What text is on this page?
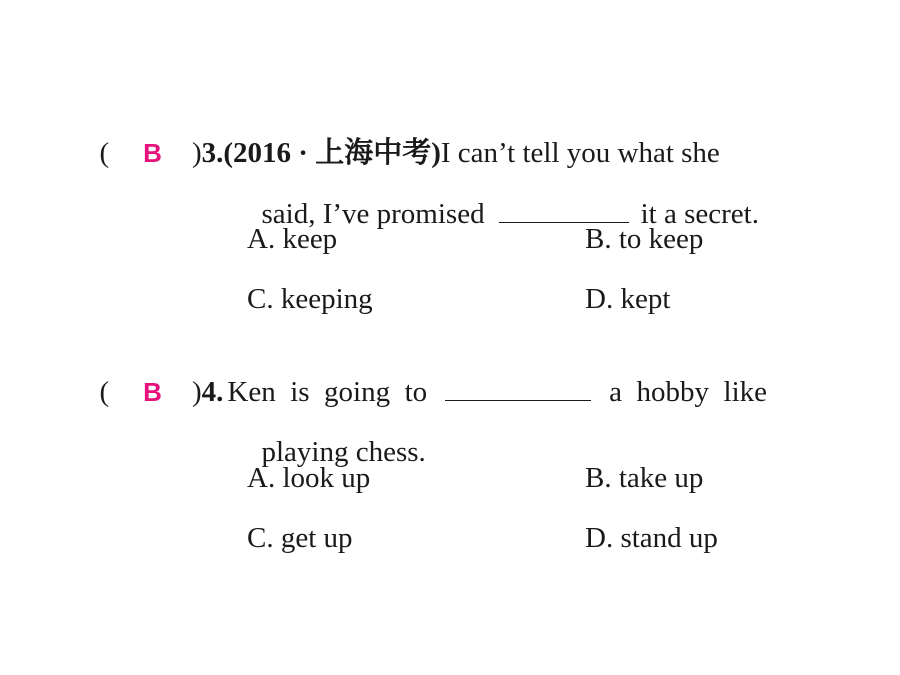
( B )3.(2016 · 上海中考)I can’t tell you what she

said, I’ve promised	it a secret.

A. keep	B. to keep
C. keeping	D. kept

( B )4. Ken  is  going  to	a  hobby  like

playing chess.

A. look up	B. take up
C. get up	D. stand up
